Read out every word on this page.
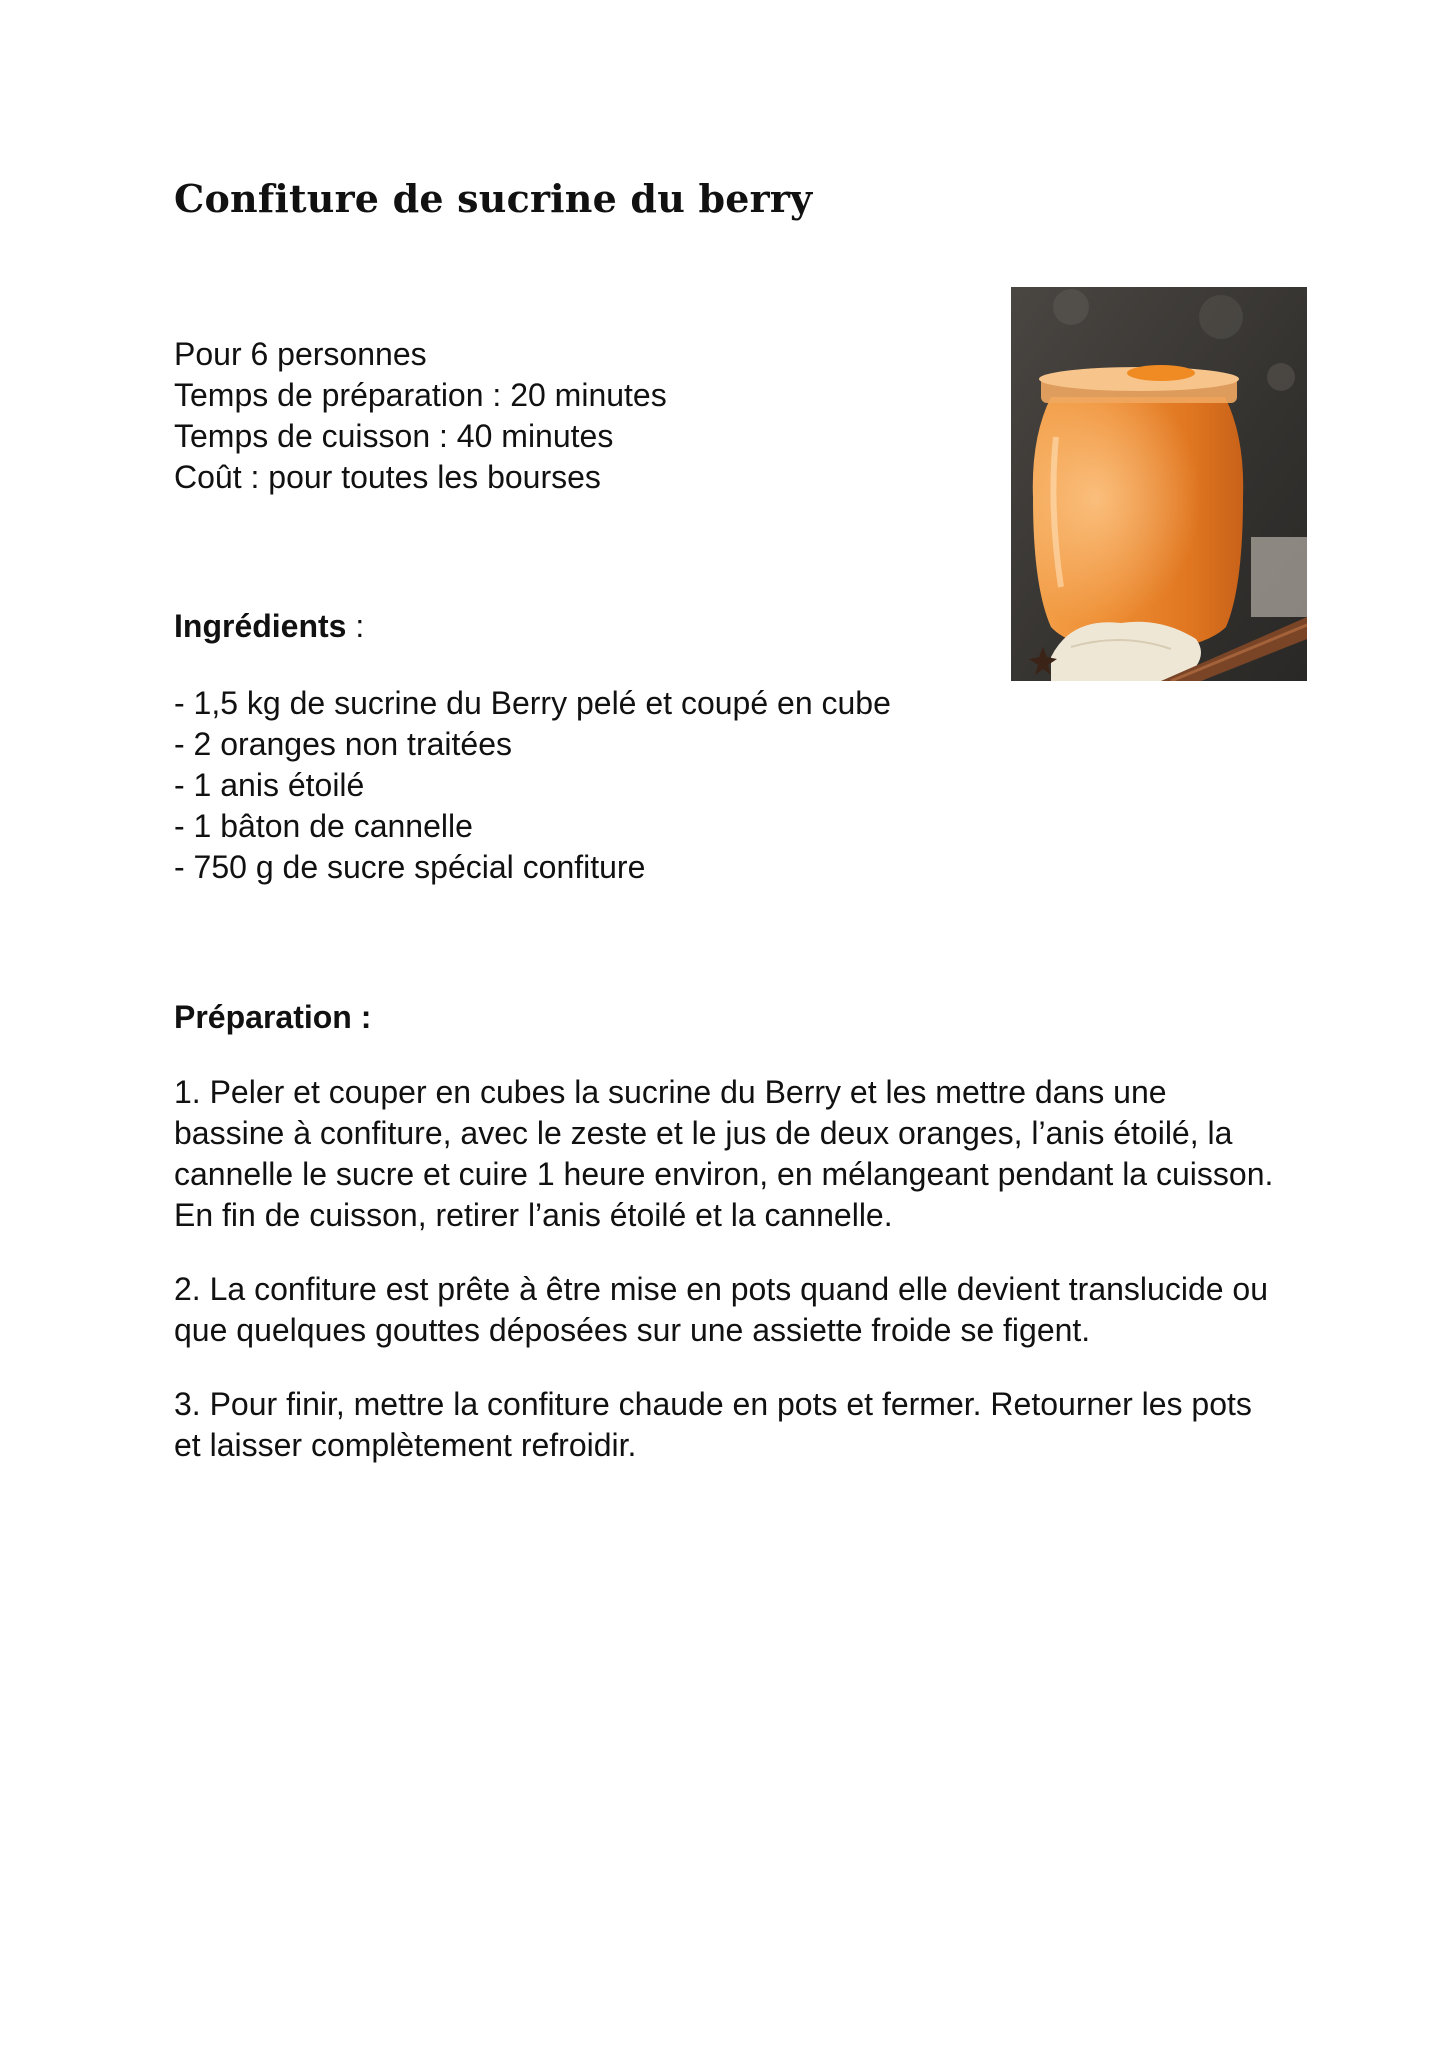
Confiture de sucrine du berry
Pour 6 personnes
Temps de préparation : 20 minutes
Temps de cuisson : 40 minutes
Coût : pour toutes les bourses
Ingrédients :
- 1,5 kg de sucrine du Berry pelé et coupé en cube
- 2 oranges non traitées
- 1 anis étoilé
- 1 bâton de cannelle
- 750 g de sucre spécial confiture
Préparation :
1. Peler et couper en cubes la sucrine du Berry et les mettre dans une bassine à confiture, avec le zeste et le jus de deux oranges, l’anis étoilé, la cannelle le sucre et cuire 1 heure environ, en mélangeant pendant la cuisson. En fin de cuisson, retirer l’anis étoilé et la cannelle.
2. La confiture est prête à être mise en pots quand elle devient translucide ou que quelques gouttes déposées sur une assiette froide se figent.
3. Pour finir, mettre la confiture chaude en pots et fermer. Retourner les pots et laisser complètement refroidir.
